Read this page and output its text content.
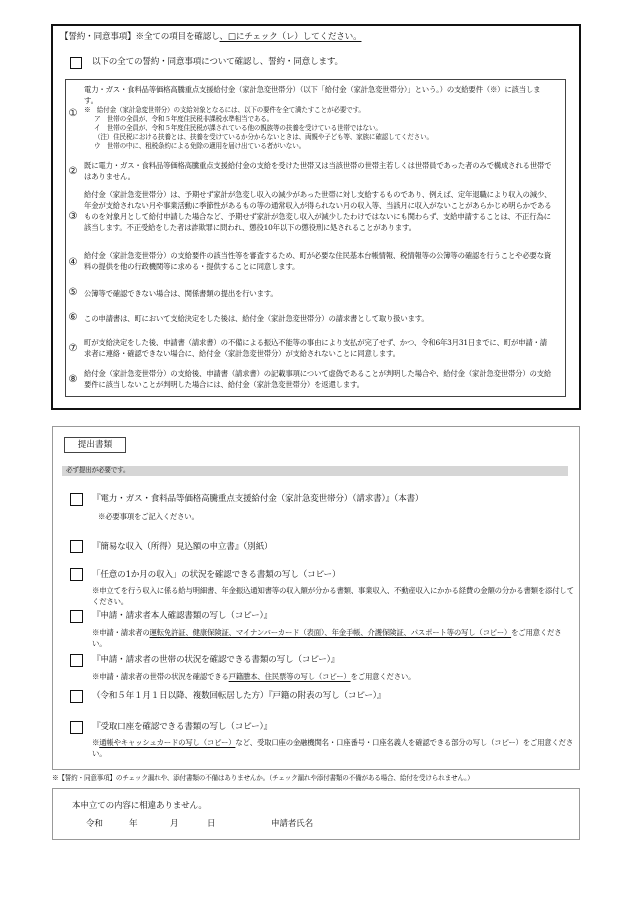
【誓約・同意事項】※全ての項目を確認し、□にチェック（レ）してください。
以下の全ての誓約・同意事項について確認し、誓約・同意します。
①
電力・ガス・食料品等価格高騰重点支援給付金（家計急変世帯分）（以下「給付金（家計急変世帯分）」という。）の支給要件（※）に該当します。
※　給付金（家計急変世帯分）の支給対象となるには、以下の要件を全て満たすことが必要です。
ア　世帯の全員が、令和５年度住民税非課税水準相当である。
イ　世帯の全員が、令和５年度住民税が課されている他の親族等の扶養を受けている世帯ではない。
（注）住民税における扶養とは、扶養を受けているか分からないときは、両親や子ども等、家族に確認してください。
ウ　世帯の中に、租税条約による免除の適用を届け出ている者がいない。
②
既に電力・ガス・食料品等価格高騰重点支援給付金の支給を受けた世帯又は当該世帯の世帯主若しくは世帯員であった者のみで構成される世帯ではありません。
③
給付金（家計急変世帯分）は、予期せず家計が急変し収入の減少があった世帯に対し支給するものであり、例えば、定年退職により収入の減少、年金が支給されない月や事業活動に季節性があるもの等の通常収入が得られない月の収入等、当該月に収入がないことがあらかじめ明らかであるものを対象月として給付申請した場合など、予期せず家計が急変し収入が減少したわけではないにも関わらず、支給申請することは、不正行為に該当します。不正受給をした者は詐欺罪に問われ、懲役10年以下の懲役刑に処されることがあります。
④
給付金（家計急変世帯分）の支給要件の該当性等を審査するため、町が必要な住民基本台帳情報、税情報等の公簿等の確認を行うことや必要な資料の提供を他の行政機関等に求める・提供することに同意します。
⑤ 公簿等で確認できない場合は、関係書類の提出を行います。
⑥ この申請書は、町において支給決定をした後は、給付金（家計急変世帯分）の請求書として取り扱います。
⑦
町が支給決定をした後、申請書（請求書）の不備による振込不能等の事由により支払が完了せず、かつ、令和6年3月31日までに、町が申請・請求者に連絡・確認できない場合に、給付金（家計急変世帯分）が支給されないことに同意します。
⑧
給付金（家計急変世帯分）の支給後、申請書（請求書）の記載事項について虚偽であることが判明した場合や、給付金（家計急変世帯分）の支給要件に該当しないことが判明した場合には、給付金（家計急変世帯分）を返還します。
提出書類
必ず提出が必要です。
『電力・ガス・食料品等価格高騰重点支援給付金（家計急変世帯分）（請求書）』（本書）
※必要事項をご記入ください。
『簡易な収入（所得）見込額の申立書』（別紙）
「任意の1か月の収入」の状況を確認できる書類の写し（コピー）
※申立てを行う収入に係る給与明細書、年金振込通知書等の収入額が分かる書類、事業収入、不動産収入にかかる経費の金額の分かる書類を添付してください。
『申請・請求者本人確認書類の写し（コピー）』
※申請・請求者の運転免許証、健康保険証、マイナンバーカード（表面）、年金手帳、介護保険証、パスポート等の写し（コピー）をご用意ください。
『申請・請求者の世帯の状況を確認できる書類の写し（コピー）』
※申請・請求者の世帯の状況を確認できる戸籍謄本、住民票等の写し（コピー）をご用意ください。
（令和５年１月１日以降、複数回転居した方）『戸籍の附表の写し（コピー）』
『受取口座を確認できる書類の写し（コピー）』
※通帳やキャッシュカードの写し（コピー）など、受取口座の金融機関名・口座番号・口座名義人を確認できる部分の写し（コピー）をご用意ください。
※【誓約・同意事項】のチェック漏れや、添付書類の不備はありませんか。（チェック漏れや添付書類の不備がある場合、給付を受けられません。）
本申立ての内容に相違ありません。
令和	年	月	日	申請者氏名
